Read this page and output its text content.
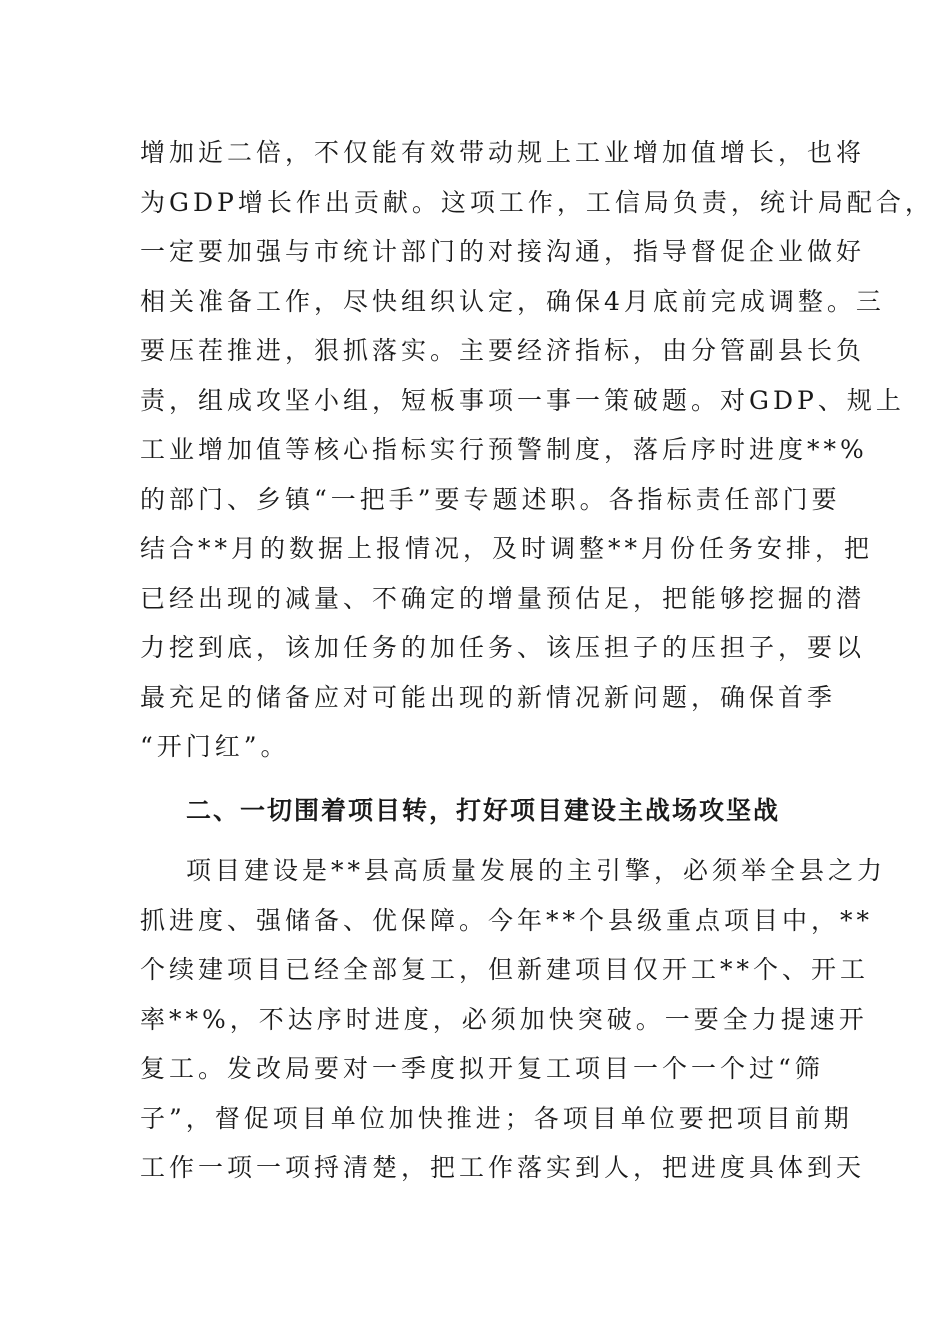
增加近二倍，不仅能有效带动规上工业增加值增长，也将
为GDP增长作出贡献。这项工作，工信局负责，统计局配合，
一定要加强与市统计部门的对接沟通，指导督促企业做好
相关准备工作，尽快组织认定，确保4月底前完成调整。三
要压茬推进，狠抓落实。主要经济指标，由分管副县长负
责，组成攻坚小组，短板事项一事一策破题。对GDP、规上
工业增加值等核心指标实行预警制度，落后序时进度**%
的部门、乡镇“一把手”要专题述职。各指标责任部门要
结合**月的数据上报情况，及时调整**月份任务安排，把
已经出现的减量、不确定的增量预估足，把能够挖掘的潜
力挖到底，该加任务的加任务、该压担子的压担子，要以
最充足的储备应对可能出现的新情况新问题，确保首季
“开门红”。
二、一切围着项目转，打好项目建设主战场攻坚战
项目建设是**县高质量发展的主引擎，必须举全县之力
抓进度、强储备、优保障。今年**个县级重点项目中，**
个续建项目已经全部复工，但新建项目仅开工**个、开工
率**%，不达序时进度，必须加快突破。一要全力提速开
复工。发改局要对一季度拟开复工项目一个一个过“筛
子”，督促项目单位加快推进；各项目单位要把项目前期
工作一项一项捋清楚，把工作落实到人，把进度具体到天
